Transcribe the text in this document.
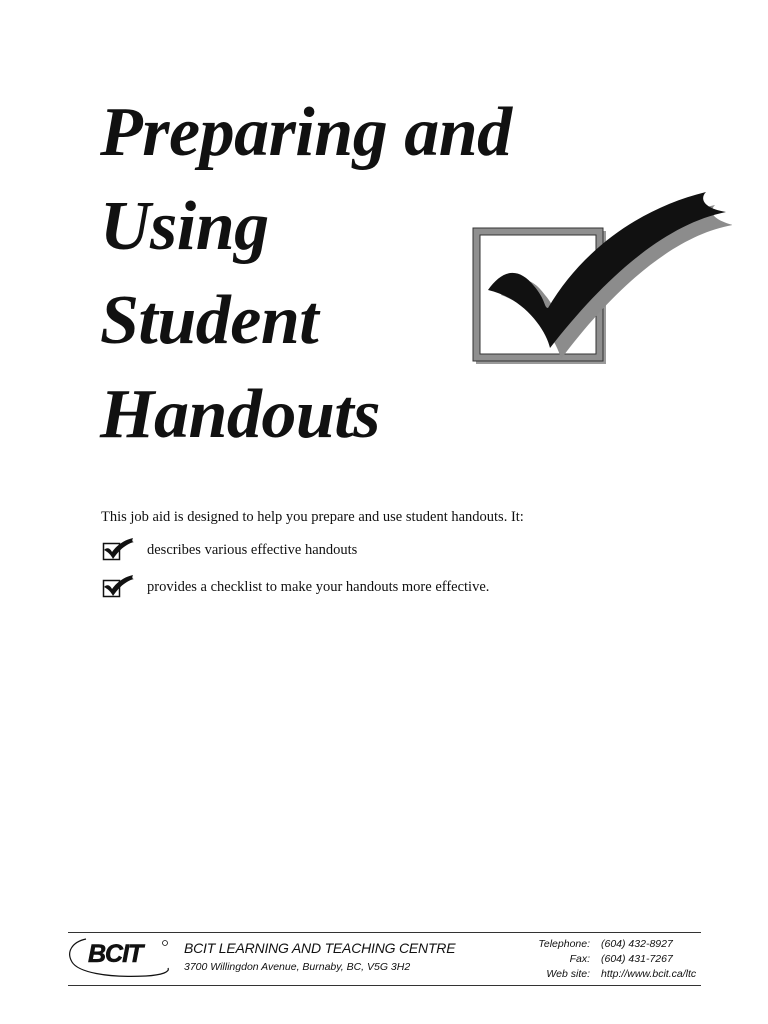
Preparing and
Using
Student
Handouts
This job aid is designed to help you prepare and use student handouts. It:
describes various effective handouts
provides a checklist to make your handouts more effective.
BCIT	BCIT LEARNING AND TEACHING CENTRE
3700 Willingdon Avenue, Burnaby, BC, V5G 3H2
Telephone:
Fax:
Web site:
(604) 432-8927
(604) 431-7267
http://www.bcit.ca/ltc
